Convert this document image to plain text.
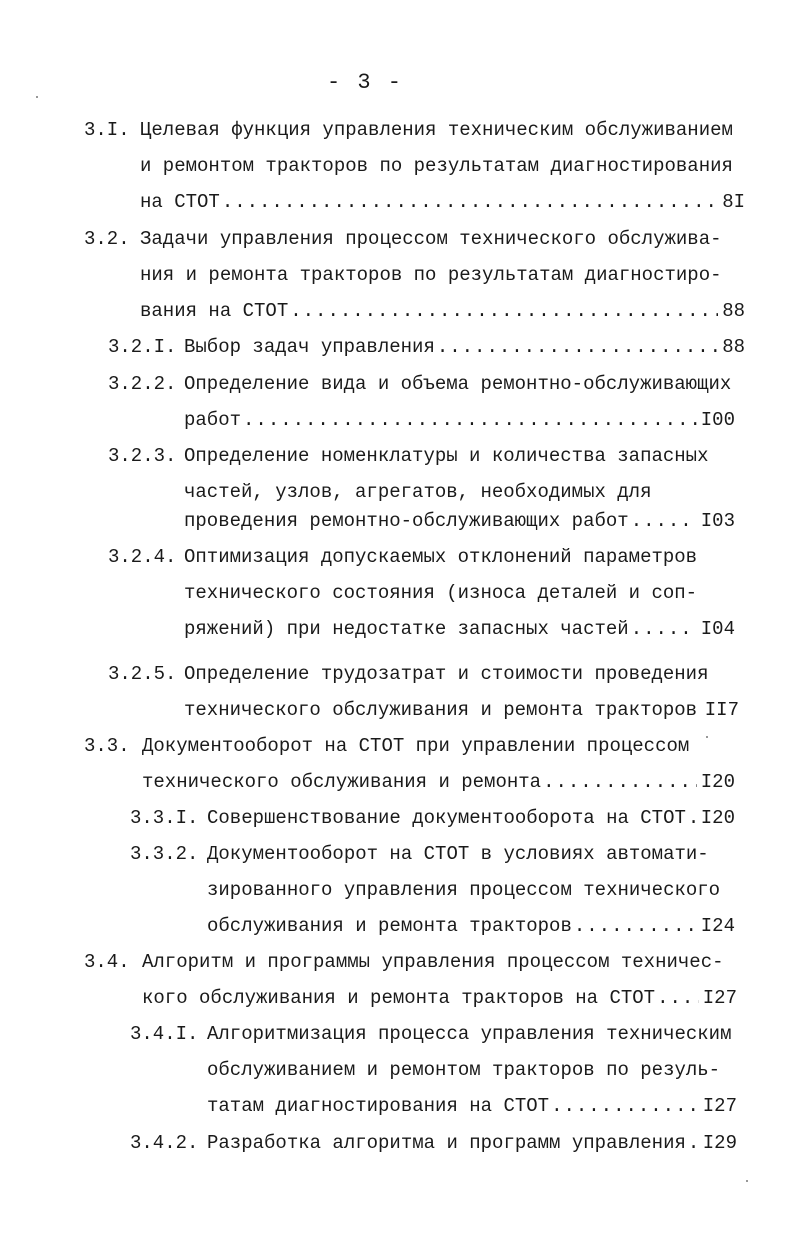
- 3 -
3.I. Целевая функция управления техническим обслуживанием
и ремонтом тракторов по результатам диагностирования
на СТОТ .....	8I
3.2. Задачи управления процессом технического обслужива-
ния и ремонта тракторов по результатам диагностиро-
вания на СТОТ .....	88
3.2.I. Выбор задач управления .....	88
3.2.2. Определение вида и объема ремонтно-обслуживающих
работ .....	I00
3.2.3. Определение номенклатуры и количества запасных
частей, узлов, агрегатов, необходимых для
проведения ремонтно-обслуживающих работ .....	I03
3.2.4. Оптимизация допускаемых отклонений параметров
технического состояния (износа деталей и соп-
ряжений) при недостатке запасных частей .....	I04
3.2.5. Определение трудозатрат и стоимости проведения
технического обслуживания и ремонта тракторов ..... II7
3.3. Документооборот на СТОТ при управлении процессом
технического обслуживания и ремонта .....	I20
3.3.I. Совершенствование документооборота на СТОТ ..... I20
3.3.2. Документооборот на СТОТ в условиях автомати-
зированного управления процессом технического
обслуживания и ремонта тракторов .....	I24
3.4. Алгоритм и программы управления процессом техничес-
кого обслуживания и ремонта тракторов на СТОТ .....	I27
3.4.I. Алгоритмизация процесса управления техническим
обслуживанием и ремонтом тракторов по резуль-
татам диагностирования на СТОТ .....	I27
3.4.2. Разработка алгоритма и программ управления ..... I29
